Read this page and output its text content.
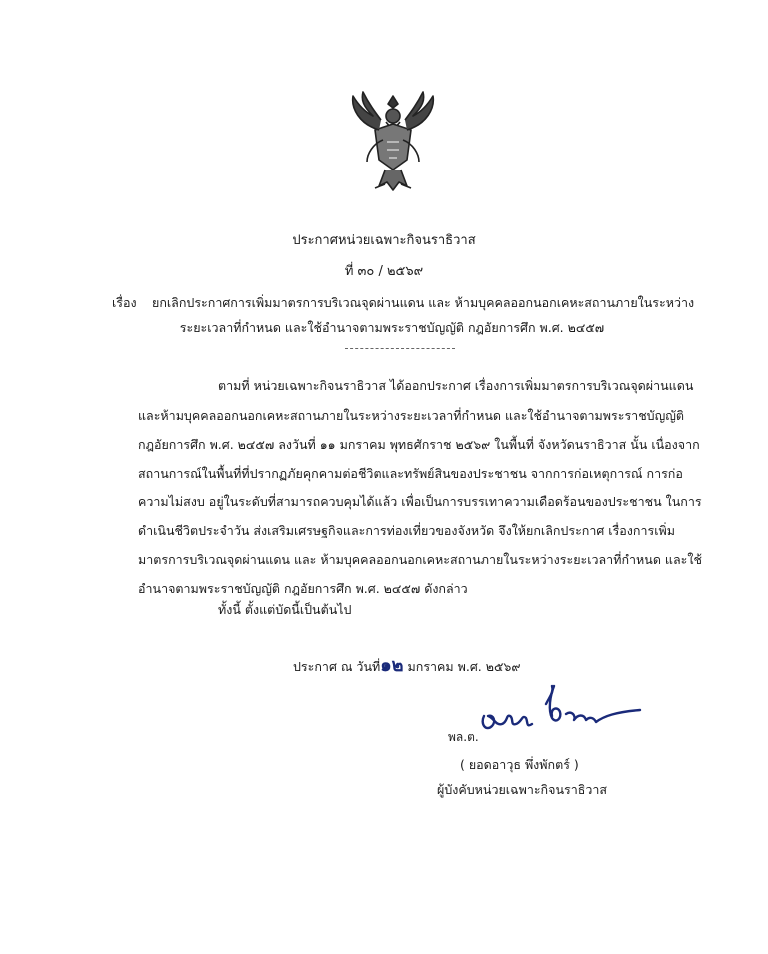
ประกาศหน่วยเฉพาะกิจนราธิวาส
ที่ ๓๐ / ๒๕๖๙
เรื่อง ยกเลิกประกาศการเพิ่มมาตรการบริเวณจุดผ่านแดน และ ห้ามบุคคลออกนอกเคหะสถานภายในระหว่าง
ระยะเวลาที่กำหนด และใช้อำนาจตามพระราชบัญญัติ กฎอัยการศึก พ.ศ. ๒๔๕๗
ตามที่ หน่วยเฉพาะกิจนราธิวาส ได้ออกประกาศ เรื่องการเพิ่มมาตรการบริเวณจุดผ่านแดน
และห้ามบุคคลออกนอกเคหะสถานภายในระหว่างระยะเวลาที่กำหนด และใช้อำนาจตามพระราชบัญญัติ
กฎอัยการศึก พ.ศ. ๒๔๕๗ ลงวันที่ ๑๑ มกราคม พุทธศักราช ๒๕๖๙ ในพื้นที่ จังหวัดนราธิวาส นั้น เนื่องจาก
สถานการณ์ในพื้นที่ที่ปรากฏภัยคุกคามต่อชีวิตและทรัพย์สินของประชาชน จากการก่อเหตุการณ์ การก่อ
ความไม่สงบ อยู่ในระดับที่สามารถควบคุมได้แล้ว เพื่อเป็นการบรรเทาความเดือดร้อนของประชาชน ในการ
ดำเนินชีวิตประจำวัน ส่งเสริมเศรษฐกิจและการท่องเที่ยวของจังหวัด จึงให้ยกเลิกประกาศ เรื่องการเพิ่ม
มาตรการบริเวณจุดผ่านแดน และ ห้ามบุคคลออกนอกเคหะสถานภายในระหว่างระยะเวลาที่กำหนด และใช้
อำนาจตามพระราชบัญญัติ กฎอัยการศึก พ.ศ. ๒๔๕๗ ดังกล่าว
ทั้งนี้ ตั้งแต่บัดนี้เป็นต้นไป
ประกาศ ณ วันที่๑๒ มกราคม พ.ศ. ๒๕๖๙
พล.ต.
( ยอดอาวุธ พึ่งพักตร์ )
ผู้บังคับหน่วยเฉพาะกิจนราธิวาส
